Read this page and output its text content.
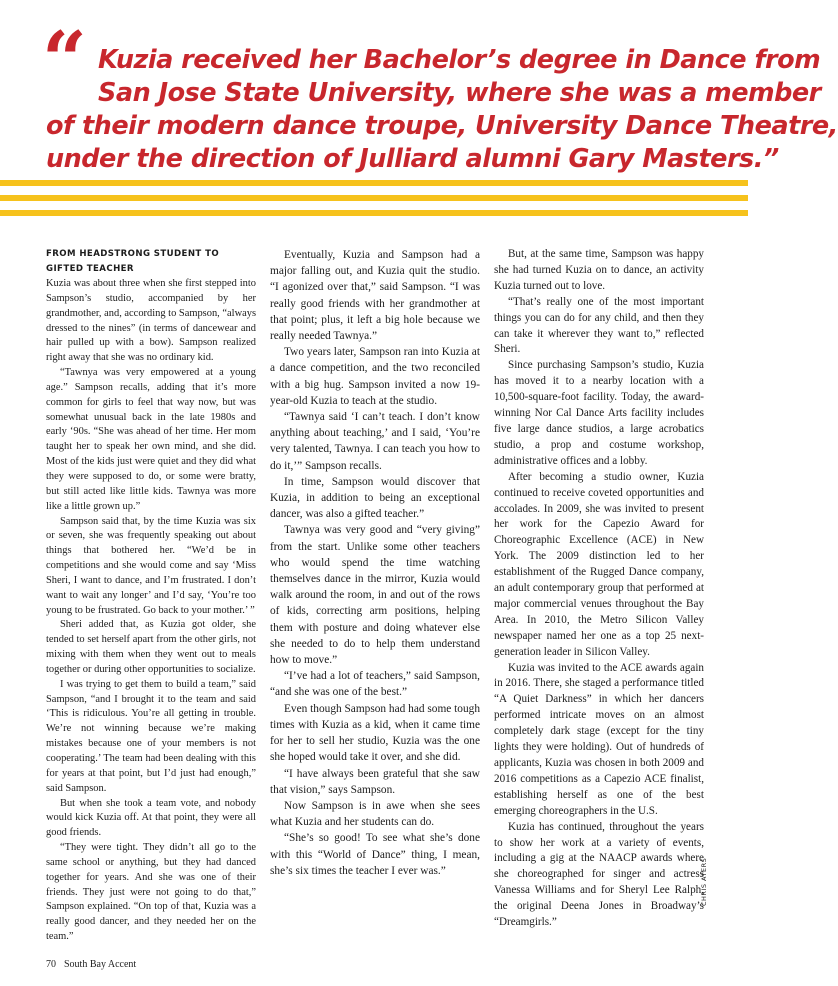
“ Kuzia received her Bachelor’s degree in Dance from
San Jose State University, where she was a member
of their modern dance troupe, University Dance Theatre,
under the direction of Julliard alumni Gary Masters.”
FROM HEADSTRONG STUDENT TO GIFTED TEACHER

Kuzia was about three when she first stepped into Sampson’s studio, accompanied by her grandmother, and, according to Sampson, “always dressed to the nines” (in terms of dancewear and hair pulled up with a bow). Sampson realized right away that she was no ordinary kid.

“Tawnya was very empowered at a young age.” Sampson recalls, adding that it’s more common for girls to feel that way now, but was somewhat unusual back in the late 1980s and early ‘90s. “She was ahead of her time. Her mom taught her to speak her own mind, and she did. Most of the kids just were quiet and they did what they were supposed to do, or some were bratty, but still acted like little kids. Tawnya was more like a little grown up.”

Sampson said that, by the time Kuzia was six or seven, she was frequently speaking out about things that bothered her. “We’d be in competitions and she would come and say ‘Miss Sheri, I want to dance, and I’m frustrated. I don’t want to wait any longer’ and I’d say, ‘You’re too young to be frustrated. Go back to your mother.’ ”

Sheri added that, as Kuzia got older, she tended to set herself apart from the other girls, not mixing with them when they went out to meals together or during other opportunities to socialize.

I was trying to get them to build a team,” said Sampson, “and I brought it to the team and said ‘This is ridiculous. You’re all getting in trouble. We’re not winning because we’re making mistakes because one of your members is not cooperating.’ The team had been dealing with this for years at that point, but I’d just had enough,” said Sampson.

But when she took a team vote, and nobody would kick Kuzia off. At that point, they were all good friends.

“They were tight. They didn’t all go to the same school or anything, but they had danced together for years. And she was one of their friends. They just were not going to do that,” Sampson explained. “On top of that, Kuzia was a really good dancer, and they needed her on the team.”

Eventually, Kuzia and Sampson had a major falling out, and Kuzia quit the studio. “I agonized over that,” said Sampson. “I was really good friends with her grandmother at that point; plus, it left a big hole because we really needed Tawnya.”

Two years later, Sampson ran into Kuzia at a dance competition, and the two reconciled with a big hug. Sampson invited a now 19-year-old Kuzia to teach at the studio.

“Tawnya said ‘I can’t teach. I don’t know anything about teaching,’ and I said, ‘You’re very talented, Tawnya. I can teach you how to do it,’” Sampson recalls.

In time, Sampson would discover that Kuzia, in addition to being an exceptional dancer, was also a gifted teacher.”

Tawnya was very good and “very giving” from the start. Unlike some other teachers who would spend the time watching themselves dance in the mirror, Kuzia would walk around the room, in and out of the rows of kids, correcting arm positions, helping them with posture and doing whatever else she needed to do to help them understand how to move.”

“I’ve had a lot of teachers,” said Sampson, “and she was one of the best.”

Even though Sampson had had some tough times with Kuzia as a kid, when it came time for her to sell her studio, Kuzia was the one she hoped would take it over, and she did.

“I have always been grateful that she saw that vision,” says Sampson.

Now Sampson is in awe when she sees what Kuzia and her students can do.

“She’s so good! To see what she’s done with this “World of Dance” thing, I mean, she’s six times the teacher I ever was.”

But, at the same time, Sampson was happy she had turned Kuzia on to dance, an activity Kuzia turned out to love.

“That’s really one of the most important things you can do for any child, and then they can take it wherever they want to,” reflected Sheri.

Since purchasing Sampson’s studio, Kuzia has moved it to a nearby location with a 10,500-square-foot facility. Today, the award-winning Nor Cal Dance Arts facility includes five large dance studios, a large acrobatics studio, a prop and costume workshop, administrative offices and a lobby.

After becoming a studio owner, Kuzia continued to receive coveted opportunities and accolades. In 2009, she was invited to present her work for the Capezio Award for Choreographic Excellence (ACE) in New York. The 2009 distinction led to her establishment of the Rugged Dance company, an adult contemporary group that performed at major commercial venues throughout the Bay Area. In 2010, the Metro Silicon Valley newspaper named her one as a top 25 next-generation leader in Silicon Valley.

Kuzia was invited to the ACE awards again in 2016. There, she staged a performance titled “A Quiet Darkness” in which her dancers performed intricate moves on an almost completely dark stage (except for the tiny lights they were holding). Out of hundreds of applicants, Kuzia was chosen in both 2009 and 2016 competitions as a Capezio ACE finalist, establishing herself as one of the best emerging choreographers in the U.S.

Kuzia has continued, throughout the years to show her work at a variety of events, including a gig at the NAACP awards where she choreographed for singer and actress Vanessa Williams and for Sheryl Lee Ralph, the original Deena Jones in Broadway’s “Dreamgirls.”

CHRIS AYERS
70 South Bay Accent
